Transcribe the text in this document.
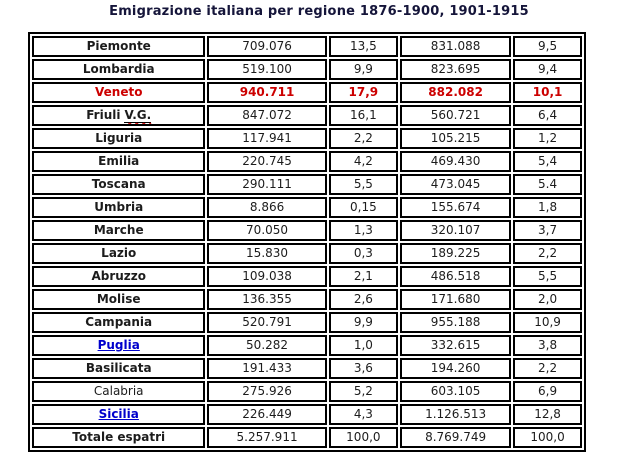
Emigrazione italiana per regione 1876-1900, 1901-1915
Piemonte	709.076	13,5	831.088	9,5
Lombardia	519.100	9,9	823.695	9,4
Veneto	940.711	17,9	882.082	10,1
Friuli V.G.	847.072	16,1	560.721	6,4
Liguria	117.941	2,2	105.215	1,2
Emilia	220.745	4,2	469.430	5,4
Toscana	290.111	5,5	473.045	5.4
Umbria	8.866	0,15	155.674	1,8
Marche	70.050	1,3	320.107	3,7
Lazio	15.830	0,3	189.225	2,2
Abruzzo	109.038	2,1	486.518	5,5
Molise	136.355	2,6	171.680	2,0
Campania	520.791	9,9	955.188	10,9
Puglia	50.282	1,0	332.615	3,8
Basilicata	191.433	3,6	194.260	2,2
Calabria	275.926	5,2	603.105	6,9
Sicilia	226.449	4,3	1.126.513	12,8
Totale espatri	5.257.911	100,0	8.769.749	100,0
